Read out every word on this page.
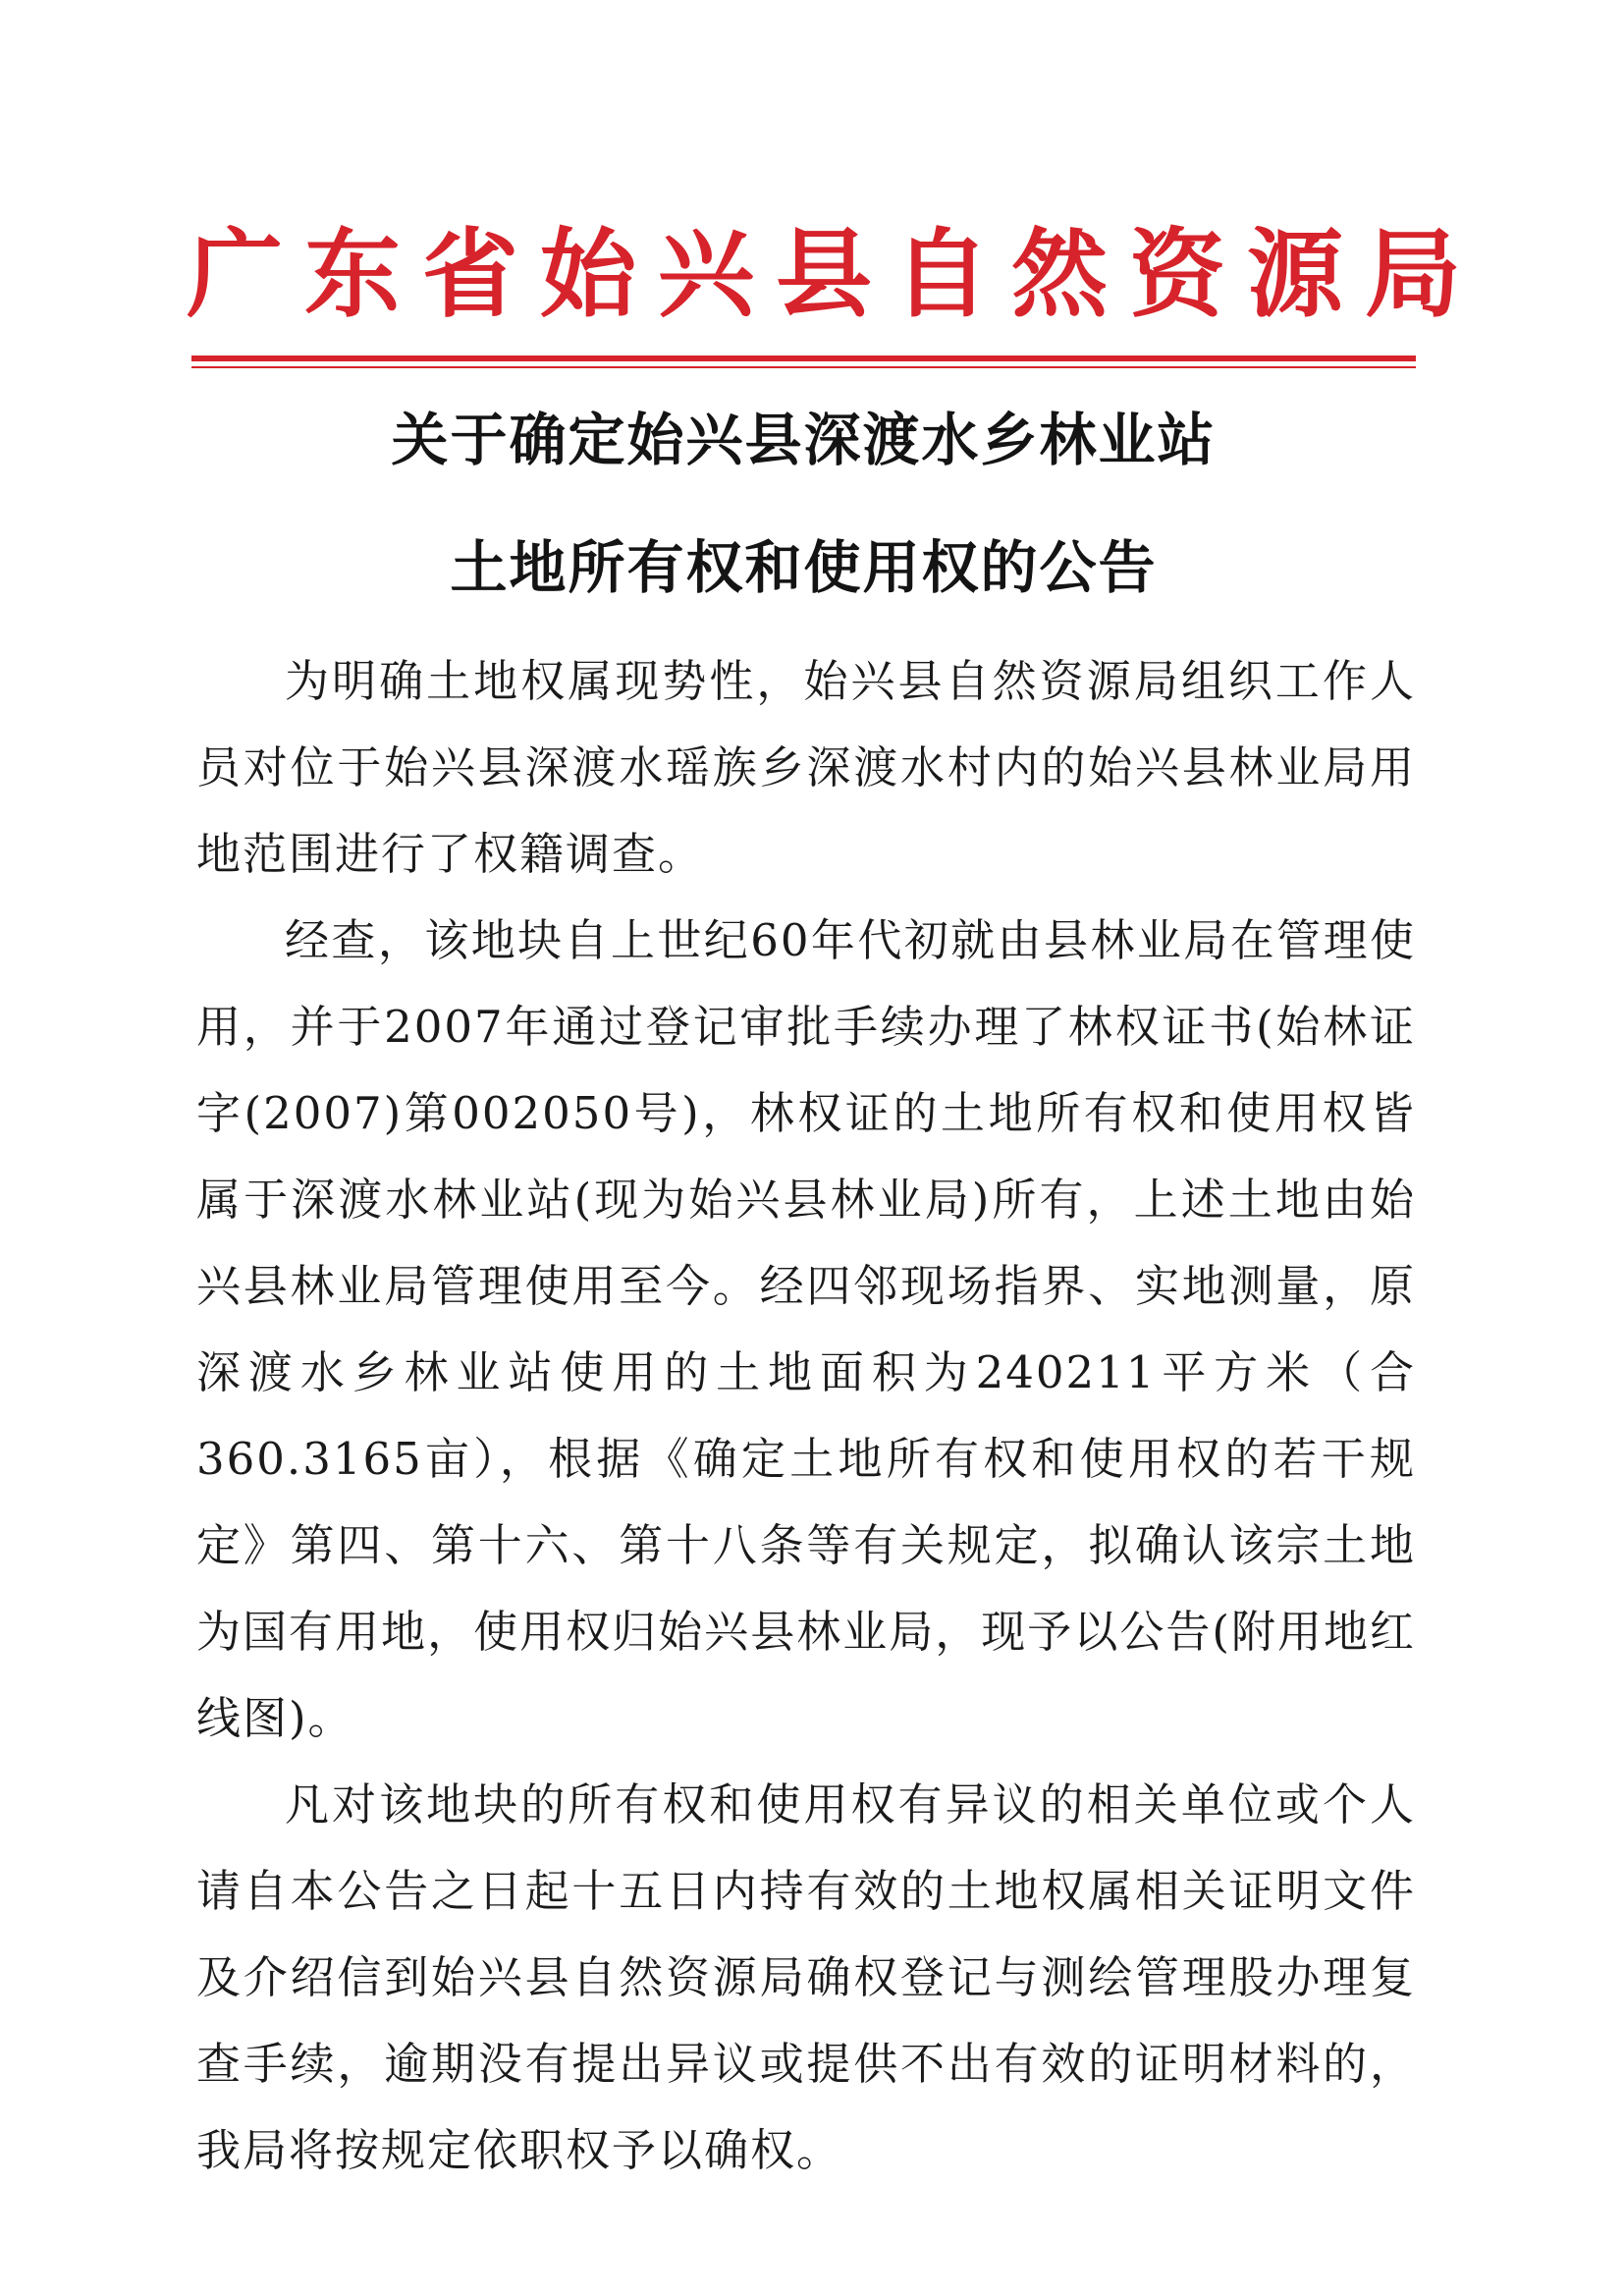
广东省始兴县自然资源局
关于确定始兴县深渡水乡林业站
土地所有权和使用权的公告

为明确土地权属现势性，始兴县自然资源局组织工作人员对位于始兴县深渡水瑶族乡深渡水村内的始兴县林业局用地范围进行了权籍调查。

经查，该地块自上世纪60年代初就由县林业局在管理使用，并于2007年通过登记审批手续办理了林权证书(始林证字(2007)第002050号)，林权证的土地所有权和使用权皆属于深渡水林业站(现为始兴县林业局)所有，上述土地由始兴县林业局管理使用至今。经四邻现场指界、实地测量，原深渡水乡林业站使用的土地面积为240211平方米（合360.3165亩），根据《确定土地所有权和使用权的若干规定》第四、第十六、第十八条等有关规定，拟确认该宗土地为国有用地，使用权归始兴县林业局，现予以公告(附用地红线图)。

凡对该地块的所有权和使用权有异议的相关单位或个人请自本公告之日起十五日内持有效的土地权属相关证明文件及介绍信到始兴县自然资源局确权登记与测绘管理股办理复查手续，逾期没有提出异议或提供不出有效的证明材料的，我局将按规定依职权予以确权。
